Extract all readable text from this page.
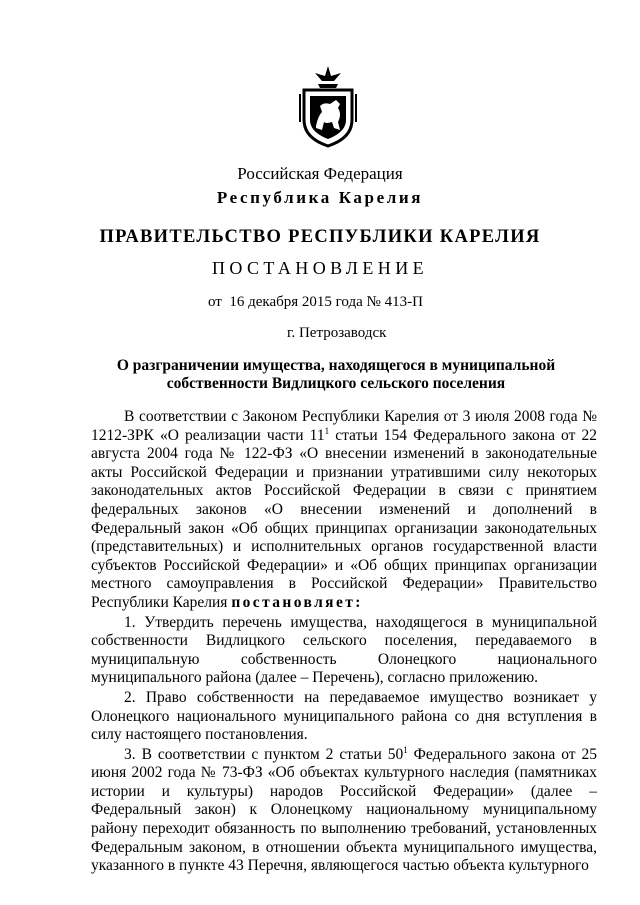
Российская Федерация
Республика Карелия
ПРАВИТЕЛЬСТВО РЕСПУБЛИКИ КАРЕЛИЯ
ПОСТАНОВЛЕНИЕ
от  16 декабря 2015 года № 413-П
г. Петрозаводск
О разграничении имущества, находящегося в муниципальной собственности Видлицкого сельского поселения

В соответствии с Законом Республики Карелия от 3 июля 2008 года № 1212-ЗРК «О реализации части $11^1$ статьи 154 Федерального закона от 22 августа 2004 года № 122-ФЗ «О внесении изменений в законодательные акты Российской Федерации и признании утратившими силу некоторых законодательных актов Российской Федерации в связи с принятием федеральных законов «О внесении изменений и дополнений в Федеральный закон «Об общих принципах организации законодательных (представительных) и исполнительных органов государственной власти субъектов Российской Федерации» и «Об общих принципах организации местного самоуправления в Российской Федерации» Правительство Республики Карелия постановляет:

1. Утвердить перечень имущества, находящегося в муниципальной собственности Видлицкого сельского поселения, передаваемого в муниципальную собственность Олонецкого национального муниципального района (далее – Перечень), согласно приложению.

2. Право собственности на передаваемое имущество возникает у Олонецкого национального муниципального района со дня вступления в силу настоящего постановления.

3. В соответствии с пунктом 2 статьи $50^1$ Федерального закона от 25 июня 2002 года № 73-ФЗ «Об объектах культурного наследия (памятниках истории и культуры) народов Российской Федерации» (далее – Федеральный закон) к Олонецкому национальному муниципальному району переходит обязанность по выполнению требований, установленных Федеральным законом, в отношении объекта муниципального имущества, указанного в пункте 43 Перечня, являющегося частью объекта культурного
